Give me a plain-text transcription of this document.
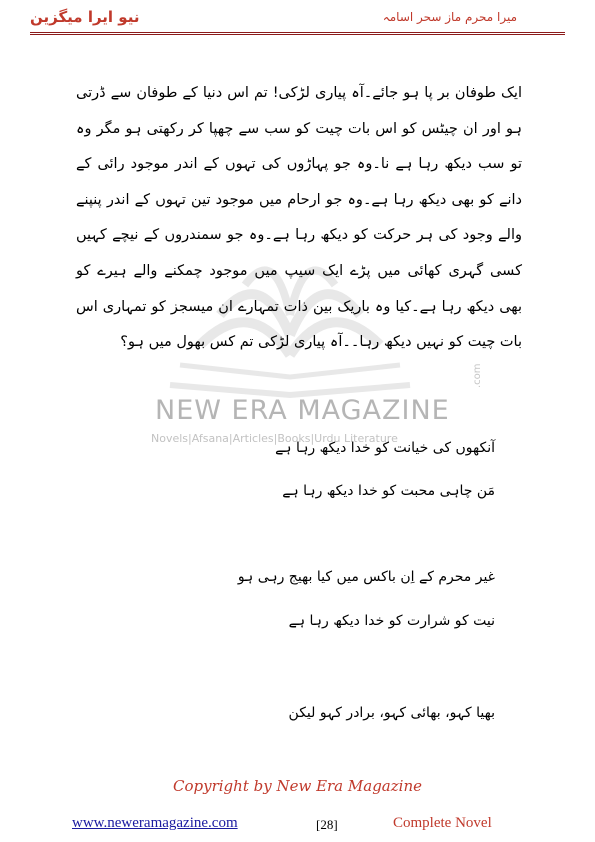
نیو ایرا میگزین	میرا محرم ماز سحر اسامہ
NEW ERA MAGAZINE
.com
Novels|Afsana|Articles|Books|Urdu Literature
ایک طوفان بر پا ہو جائے۔آہ پیاری لڑکی! تم اس دنیا کے طوفان سے ڈرتی ہو اور ان چیٹس کو اس بات چیت کو سب سے چھپا کر رکھتی ہو مگر وہ تو سب دیکھ رہا ہے نا۔وہ جو پہاڑوں کی تہوں کے اندر موجود رائی کے دانے کو بھی دیکھ رہا ہے۔وہ جو ارحام میں موجود تین تہوں کے اندر پنپنے والے وجود کی ہر حرکت کو دیکھ رہا ہے۔وہ جو سمندروں کے نیچے کہیں کسی گہری کھائی میں پڑے ایک سیپ میں موجود چمکنے والے ہیرے کو بھی دیکھ رہا ہے۔کیا وہ باریک بین ذات تمہارے ان میسجز کو تمہاری اس بات چیت کو نہیں دیکھ رہا۔۔آہ پیاری لڑکی تم کس بھول میں ہو؟
آنکھوں کی خیانت کو خدا دیکھ رہا ہے
مَن چاہی محبت کو خدا دیکھ رہا ہے
غیر محرم کے اِن باکس میں کیا بھیج رہی ہو
نیت کو شرارت کو خدا دیکھ رہا ہے
بھیا کہو، بھائی کہو، برادر کہو لیکن
Copyright by New Era Magazine
www.neweramagazine.com	[28]	Complete Novel
